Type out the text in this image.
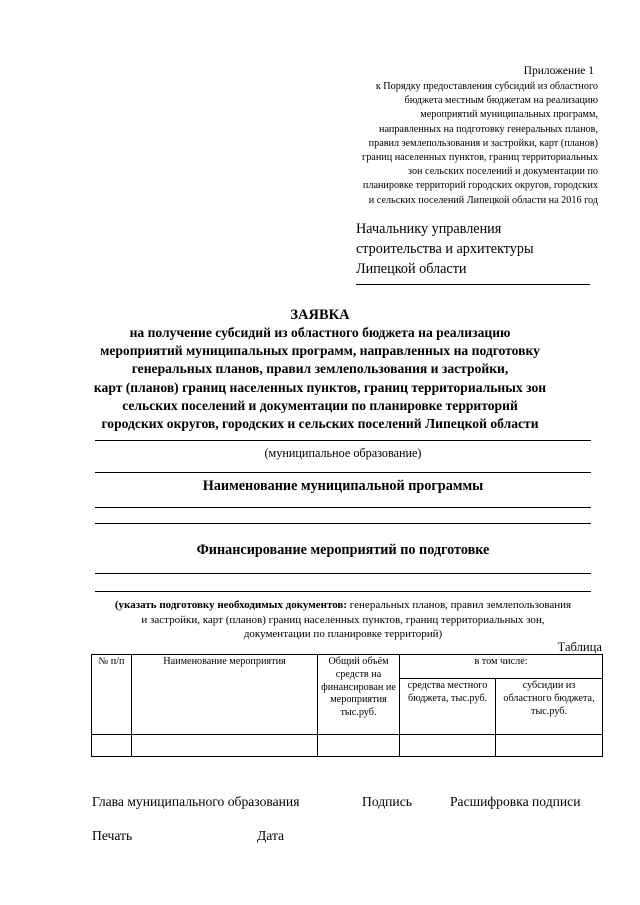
Приложение 1
к Порядку предоставления субсидий из областного
бюджета местным бюджетам на реализацию
мероприятий муниципальных программ,
направленных на подготовку генеральных планов,
правил землепользования и застройки, карт (планов)
границ населенных пунктов, границ территориальных
зон сельских поселений и документации по
планировке территорий городских округов, городских
и сельских поселений Липецкой области на 2016 год
Начальнику управления
строительства и архитектуры
Липецкой области
ЗАЯВКА
на получение субсидий из областного бюджета на реализацию
мероприятий муниципальных программ, направленных на подготовку
генеральных планов, правил землепользования и застройки,
карт (планов) границ населенных пунктов, границ территориальных зон
сельских поселений и документации по планировке территорий
городских округов, городских и сельских поселений Липецкой области
(муниципальное образование)
Наименование муниципальной программы
Финансирование мероприятий по подготовке
(указать подготовку необходимых документов: генеральных планов, правил землепользования
и застройки, карт (планов) границ населенных пунктов, границ территориальных зон,
документации по планировке территорий)
Таблица
№ п/п	Наименование мероприятия	Общий объём средств на финансирован ие мероприятия тыс.руб.	в том числе:	
			средства местного бюджета, тыс.руб.	субсидии из областного бюджета, тыс.руб.

Глава муниципального образования	Подпись	Расшифровка подписи
Печать	Дата
